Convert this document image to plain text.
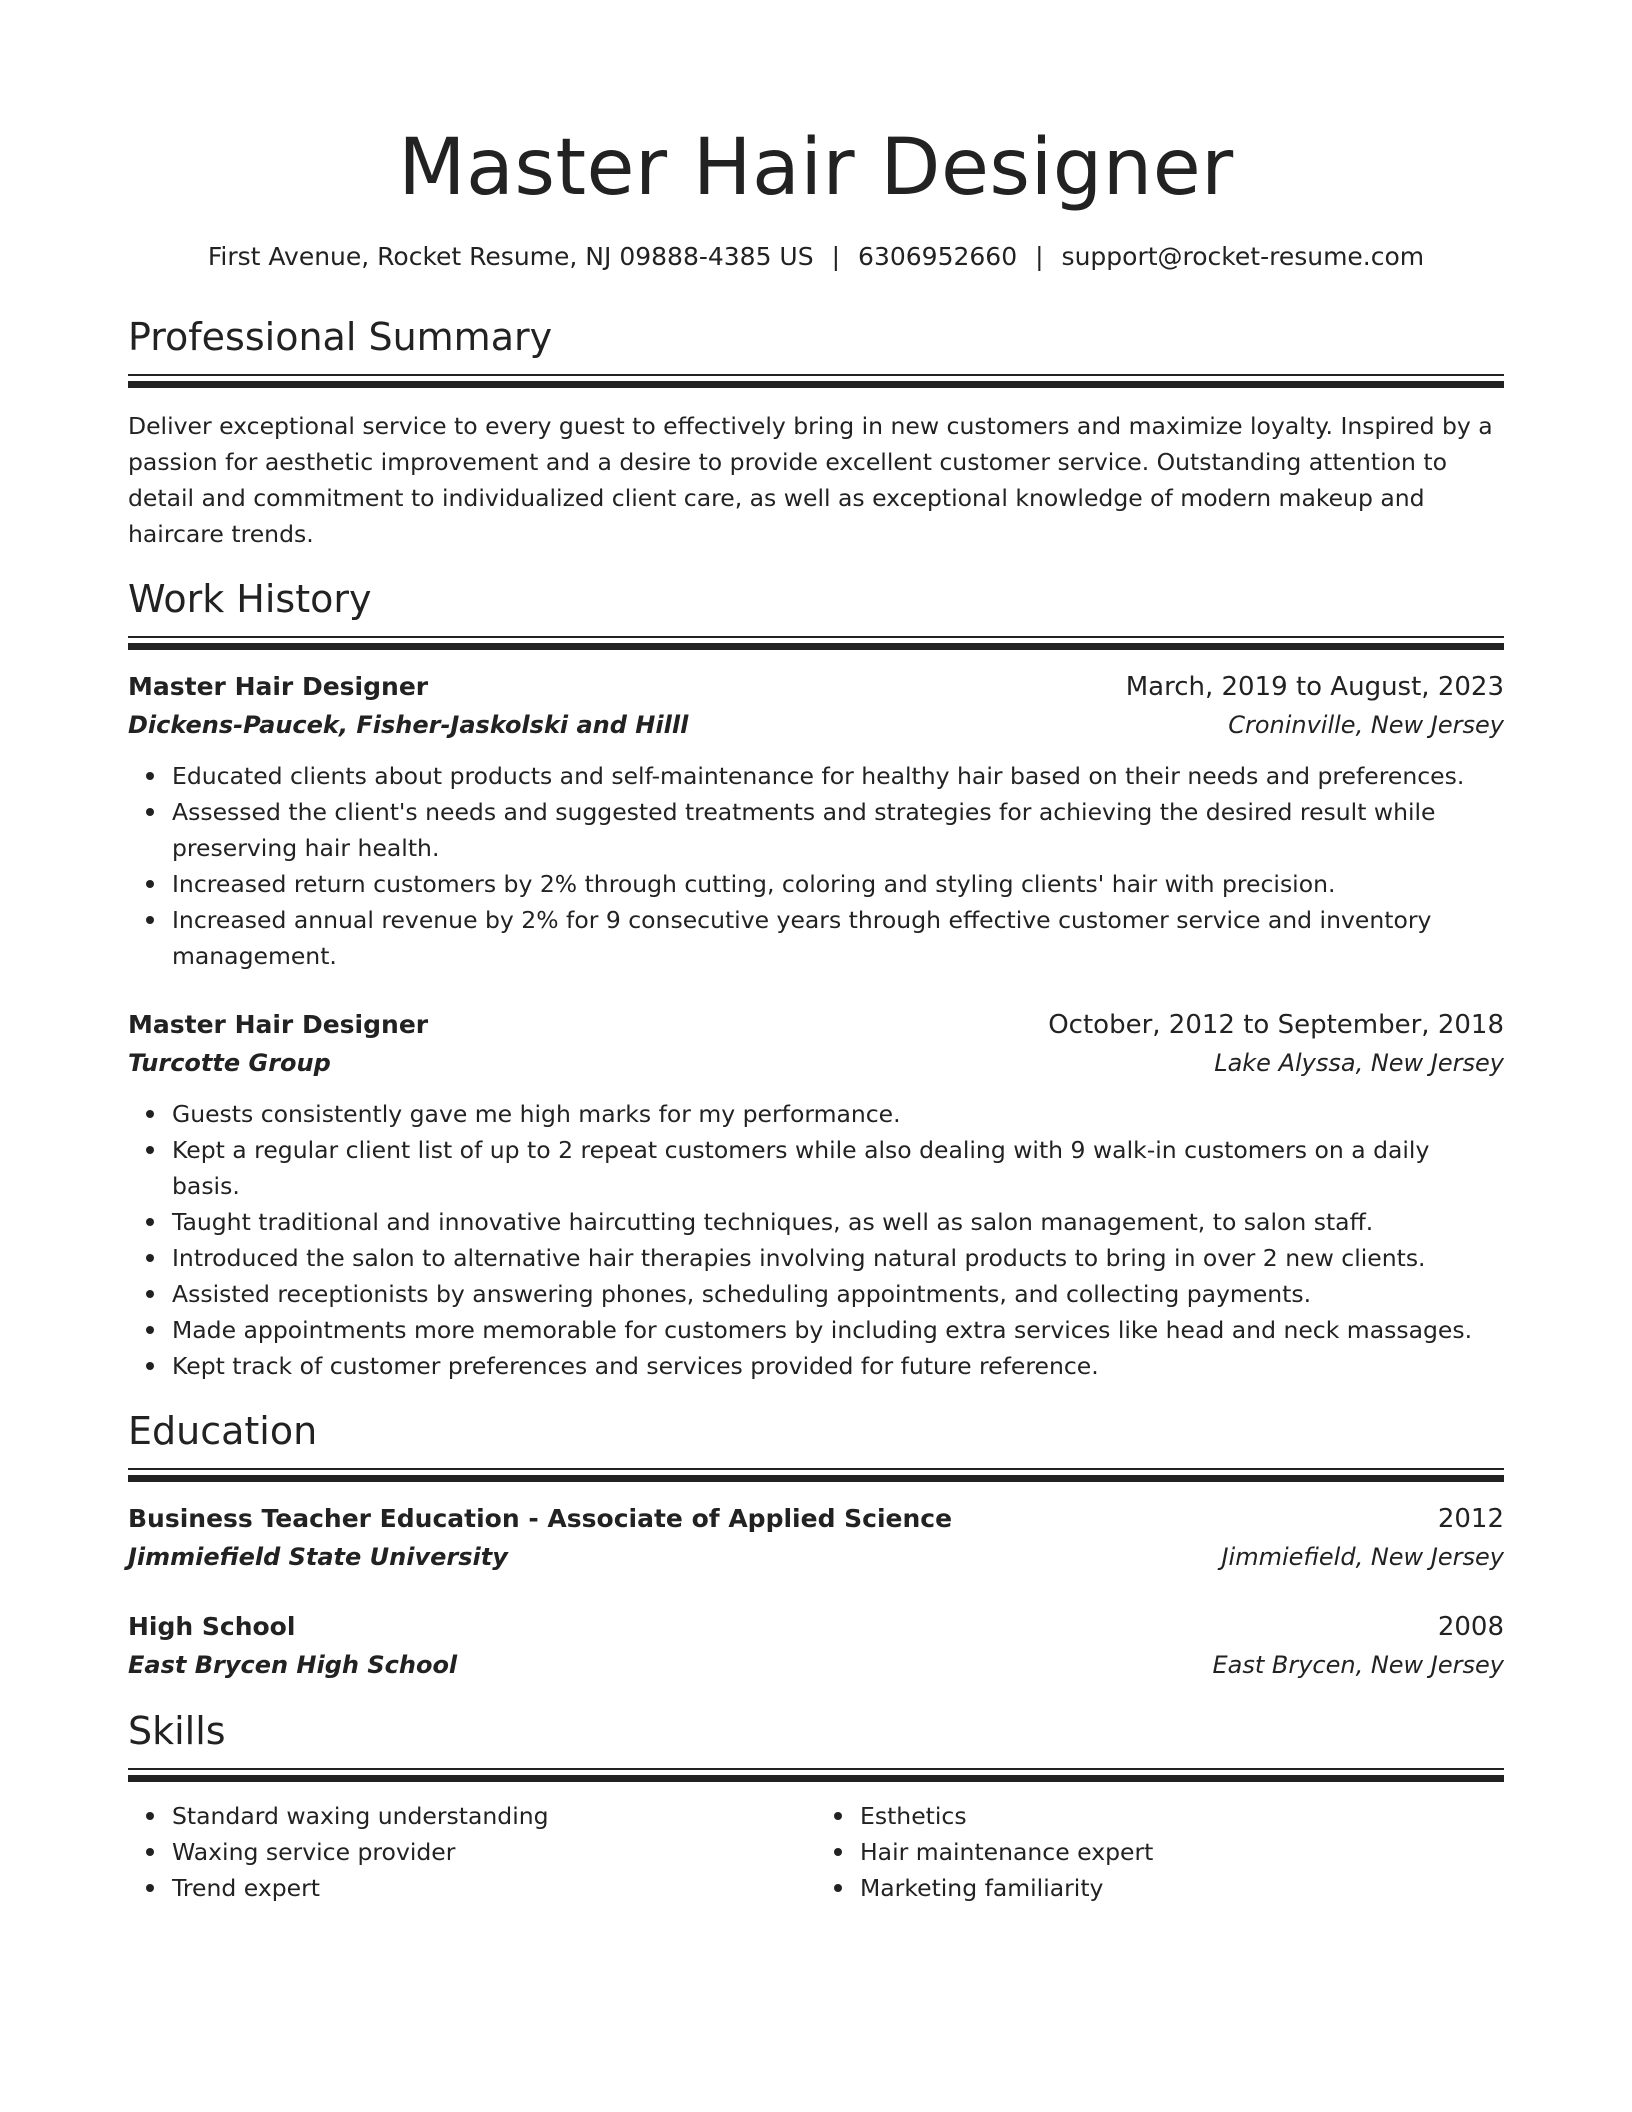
Master Hair Designer
First Avenue, Rocket Resume, NJ 09888-4385 US | 6306952660 | support@rocket-resume.com
Professional Summary

Deliver exceptional service to every guest to effectively bring in new customers and maximize loyalty. Inspired by a passion for aesthetic improvement and a desire to provide excellent customer service. Outstanding attention to detail and commitment to individualized client care, as well as exceptional knowledge of modern makeup and haircare trends.

Work History
Master Hair Designer	March, 2019 to August, 2023
Dickens-Paucek, Fisher-Jaskolski and Hilll	Croninville, New Jersey
Educated clients about products and self-maintenance for healthy hair based on their needs and preferences.
Assessed the client's needs and suggested treatments and strategies for achieving the desired result while preserving hair health.
Increased return customers by 2% through cutting, coloring and styling clients' hair with precision.
Increased annual revenue by 2% for 9 consecutive years through effective customer service and inventory management.
Master Hair Designer	October, 2012 to September, 2018
Turcotte Group	Lake Alyssa, New Jersey
Guests consistently gave me high marks for my performance.
Kept a regular client list of up to 2 repeat customers while also dealing with 9 walk-in customers on a daily basis.
Taught traditional and innovative haircutting techniques, as well as salon management, to salon staff.
Introduced the salon to alternative hair therapies involving natural products to bring in over 2 new clients.
Assisted receptionists by answering phones, scheduling appointments, and collecting payments.
Made appointments more memorable for customers by including extra services like head and neck massages.
Kept track of customer preferences and services provided for future reference.
Education
Business Teacher Education - Associate of Applied Science	2012
Jimmiefield State University	Jimmiefield, New Jersey
High School	2008
East Brycen High School	East Brycen, New Jersey
Skills
Standard waxing understanding
Waxing service provider
Trend expert
Esthetics
Hair maintenance expert
Marketing familiarity
